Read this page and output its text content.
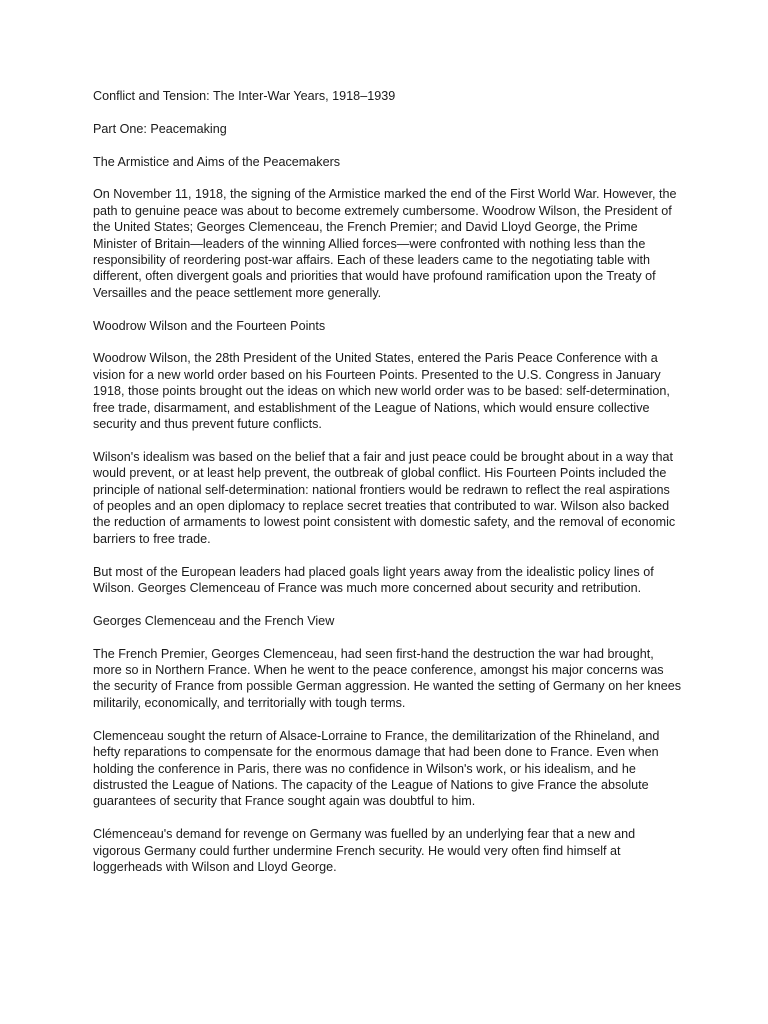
Conflict and Tension: The Inter-War Years, 1918–1939

Part One: Peacemaking

The Armistice and Aims of the Peacemakers

On November 11, 1918, the signing of the Armistice marked the end of the First World War. However, the path to genuine peace was about to become extremely cumbersome. Woodrow Wilson, the President of the United States; Georges Clemenceau, the French Premier; and David Lloyd George, the Prime Minister of Britain—leaders of the winning Allied forces—were confronted with nothing less than the responsibility of reordering post-war affairs. Each of these leaders came to the negotiating table with different, often divergent goals and priorities that would have profound ramification upon the Treaty of Versailles and the peace settlement more generally.

Woodrow Wilson and the Fourteen Points

Woodrow Wilson, the 28th President of the United States, entered the Paris Peace Conference with a vision for a new world order based on his Fourteen Points. Presented to the U.S. Congress in January 1918, those points brought out the ideas on which new world order was to be based: self-determination, free trade, disarmament, and establishment of the League of Nations, which would ensure collective security and thus prevent future conflicts.

Wilson's idealism was based on the belief that a fair and just peace could be brought about in a way that would prevent, or at least help prevent, the outbreak of global conflict. His Fourteen Points included the principle of national self-determination: national frontiers would be redrawn to reflect the real aspirations of peoples and an open diplomacy to replace secret treaties that contributed to war. Wilson also backed the reduction of armaments to lowest point consistent with domestic safety, and the removal of economic barriers to free trade.

But most of the European leaders had placed goals light years away from the idealistic policy lines of Wilson. Georges Clemenceau of France was much more concerned about security and retribution.

Georges Clemenceau and the French View

The French Premier, Georges Clemenceau, had seen first-hand the destruction the war had brought, more so in Northern France. When he went to the peace conference, amongst his major concerns was the security of France from possible German aggression. He wanted the setting of Germany on her knees militarily, economically, and territorially with tough terms.

Clemenceau sought the return of Alsace-Lorraine to France, the demilitarization of the Rhineland, and hefty reparations to compensate for the enormous damage that had been done to France. Even when holding the conference in Paris, there was no confidence in Wilson's work, or his idealism, and he distrusted the League of Nations. The capacity of the League of Nations to give France the absolute guarantees of security that France sought again was doubtful to him.

Clémenceau's demand for revenge on Germany was fuelled by an underlying fear that a new and vigorous Germany could further undermine French security. He would very often find himself at loggerheads with Wilson and Lloyd George.
